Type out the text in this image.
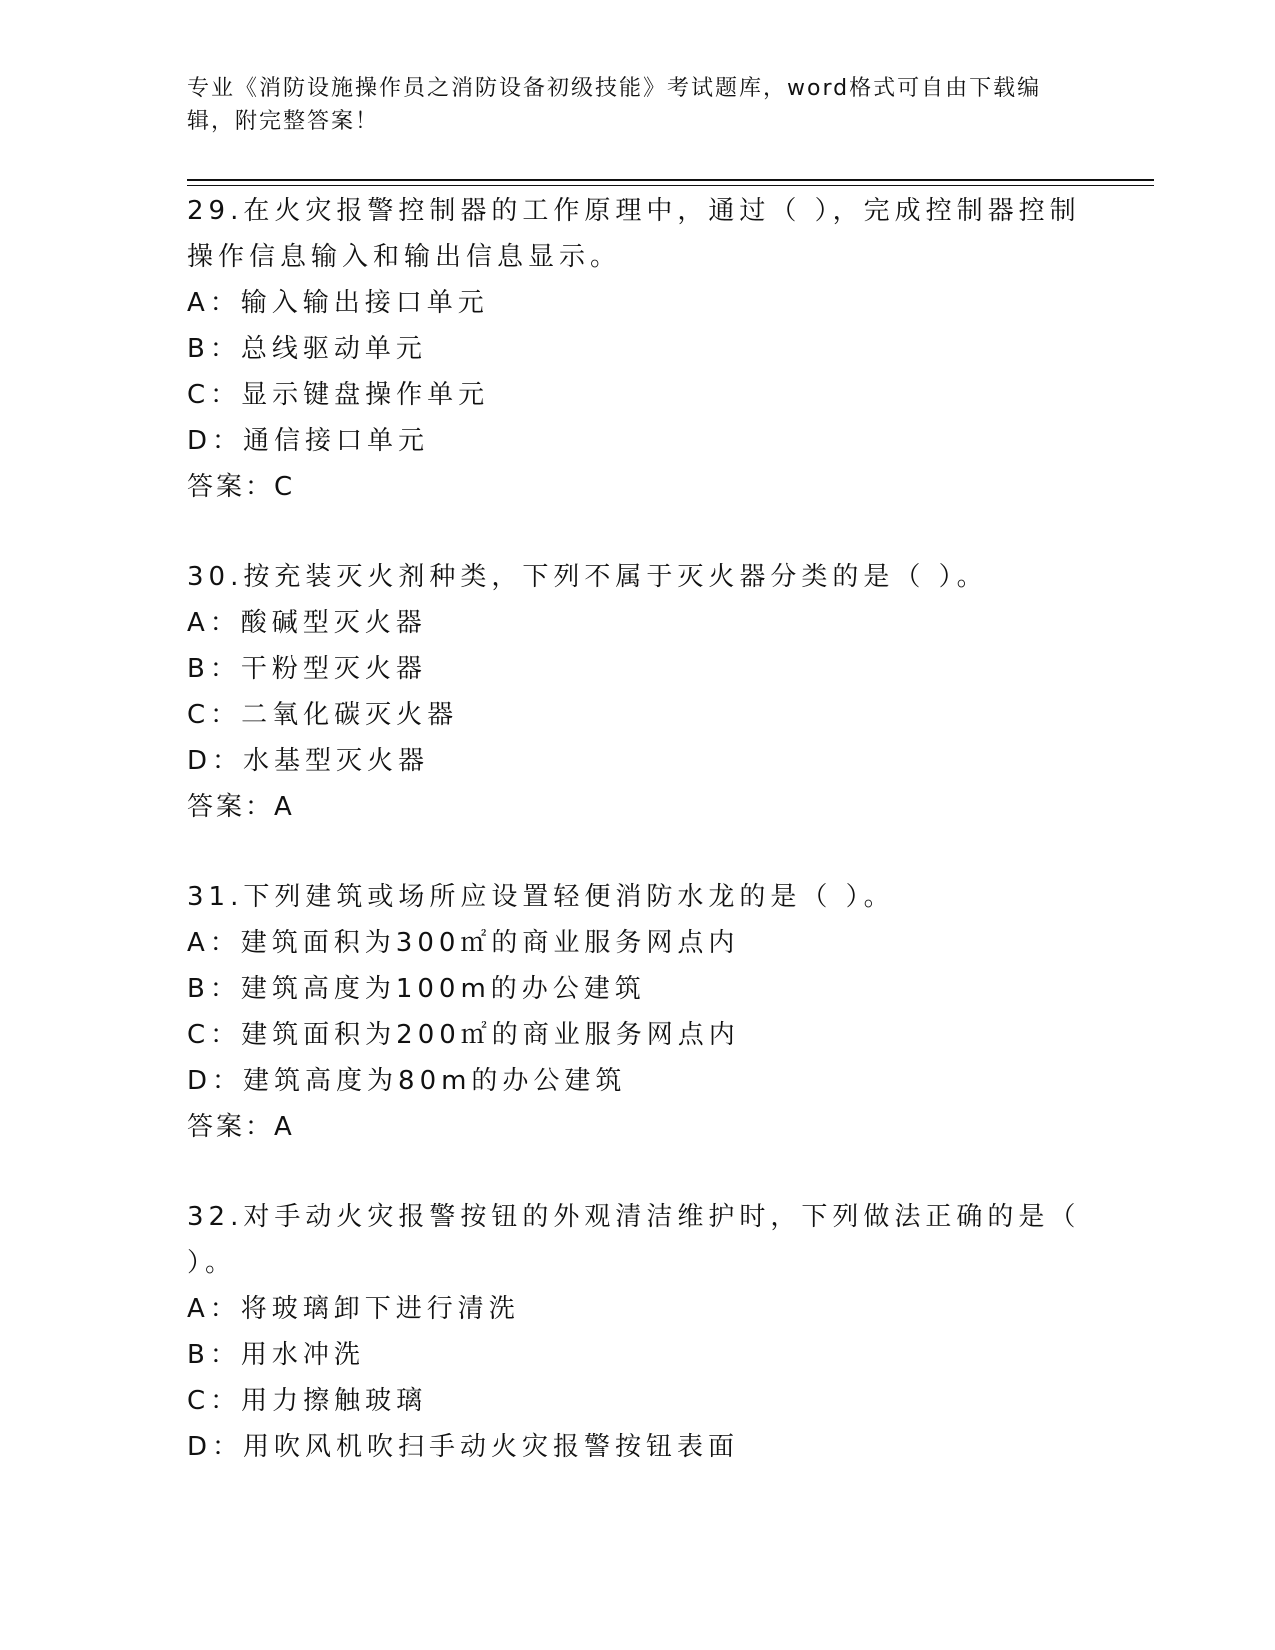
专业《消防设施操作员之消防设备初级技能》考试题库，word格式可自由下载编辑，附完整答案！
29.在火灾报警控制器的工作原理中，通过（ ），完成控制器控制操作信息输入和输出信息显示。
A：输入输出接口单元
B：总线驱动单元
C：显示键盘操作单元
D：通信接口单元
答案：C
30.按充装灭火剂种类，下列不属于灭火器分类的是（ ）。
A：酸碱型灭火器
B：干粉型灭火器
C：二氧化碳灭火器
D：水基型灭火器
答案：A
31.下列建筑或场所应设置轻便消防水龙的是（ ）。
A：建筑面积为300㎡的商业服务网点内
B：建筑高度为100m的办公建筑
C：建筑面积为200㎡的商业服务网点内
D：建筑高度为80m的办公建筑
答案：A
32.对手动火灾报警按钮的外观清洁维护时，下列做法正确的是（ ）。
A：将玻璃卸下进行清洗
B：用水冲洗
C：用力擦触玻璃
D：用吹风机吹扫手动火灾报警按钮表面
